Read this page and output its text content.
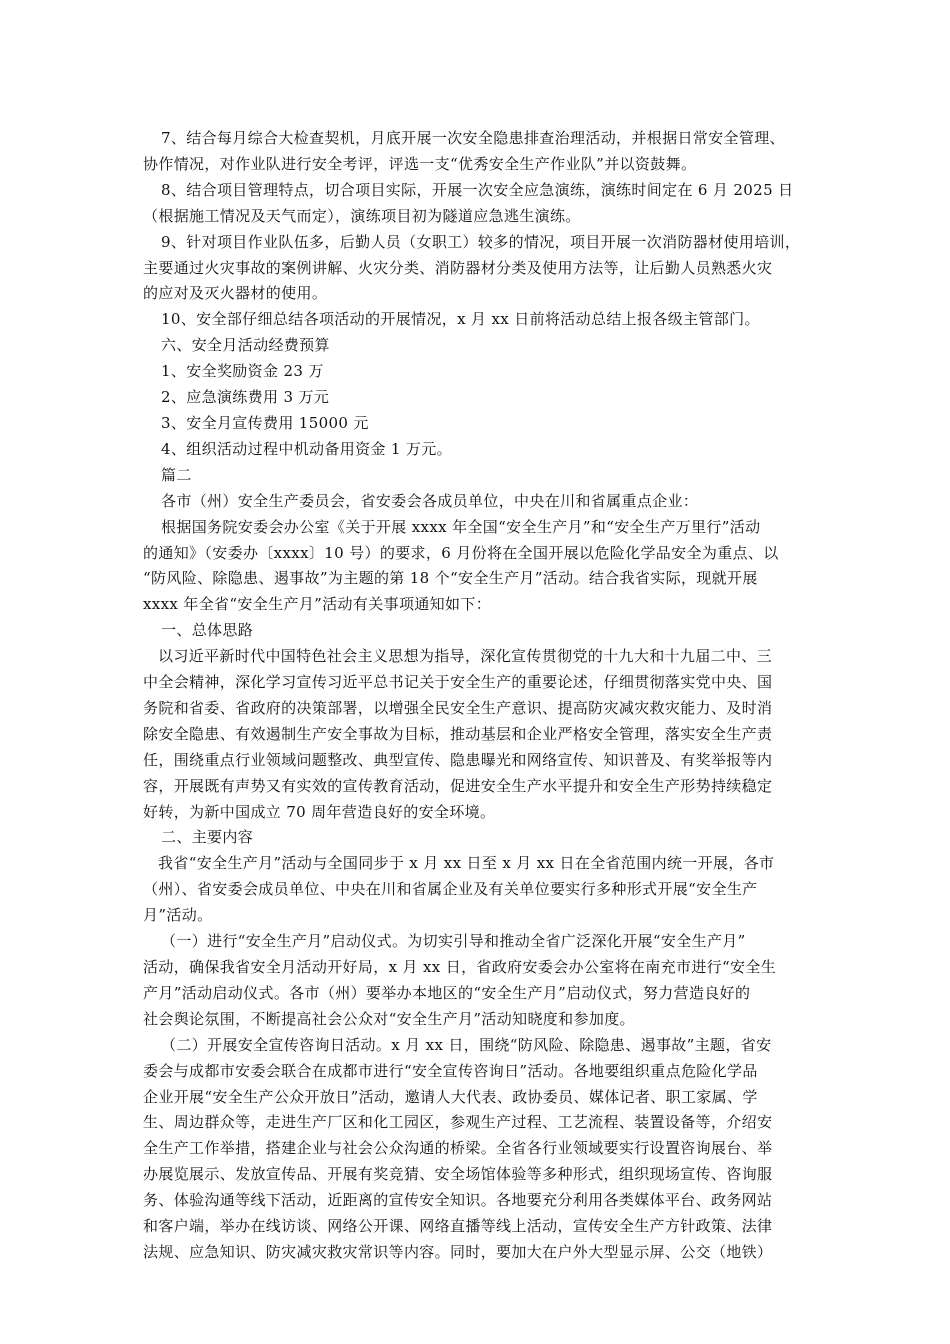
7、结合每月综合大检查契机，月底开展一次安全隐患排查治理活动，并根据日常安全管理、
协作情况，对作业队进行安全考评，评选一支“优秀安全生产作业队”并以资鼓舞。
8、结合项目管理特点，切合项目实际，开展一次安全应急演练，演练时间定在 6 月 2025 日
（根据施工情况及天气而定），演练项目初为隧道应急逃生演练。
9、针对项目作业队伍多，后勤人员（女职工）较多的情况，项目开展一次消防器材使用培训，
主要通过火灾事故的案例讲解、火灾分类、消防器材分类及使用方法等，让后勤人员熟悉火灾
的应对及灭火器材的使用。
10、安全部仔细总结各项活动的开展情况，x 月 xx 日前将活动总结上报各级主管部门。
六、安全月活动经费预算
1、安全奖励资金 23 万
2、应急演练费用 3 万元
3、安全月宣传费用 15000 元
4、组织活动过程中机动备用资金 1 万元。
篇二
各市（州）安全生产委员会，省安委会各成员单位，中央在川和省属重点企业：
根据国务院安委会办公室《关于开展 xxxx 年全国“安全生产月”和“安全生产万里行”活动
的通知》（安委办〔xxxx〕10 号）的要求，6 月份将在全国开展以危险化学品安全为重点、以
“防风险、除隐患、遏事故”为主题的第 18 个“安全生产月”活动。结合我省实际，现就开展
xxxx 年全省“安全生产月”活动有关事项通知如下：
一、总体思路
以习近平新时代中国特色社会主义思想为指导，深化宣传贯彻党的十九大和十九届二中、三
中全会精神，深化学习宣传习近平总书记关于安全生产的重要论述，仔细贯彻落实党中央、国
务院和省委、省政府的决策部署，以增强全民安全生产意识、提高防灾减灾救灾能力、及时消
除安全隐患、有效遏制生产安全事故为目标，推动基层和企业严格安全管理，落实安全生产责
任，围绕重点行业领域问题整改、典型宣传、隐患曝光和网络宣传、知识普及、有奖举报等内
容，开展既有声势又有实效的宣传教育活动，促进安全生产水平提升和安全生产形势持续稳定
好转，为新中国成立 70 周年营造良好的安全环境。
二、主要内容
我省“安全生产月”活动与全国同步于 x 月 xx 日至 x 月 xx 日在全省范围内统一开展，各市
（州）、省安委会成员单位、中央在川和省属企业及有关单位要实行多种形式开展“安全生产
月”活动。
（一）进行“安全生产月”启动仪式。为切实引导和推动全省广泛深化开展“安全生产月”
活动，确保我省安全月活动开好局，x 月 xx 日，省政府安委会办公室将在南充市进行“安全生
产月”活动启动仪式。各市（州）要举办本地区的“安全生产月”启动仪式，努力营造良好的
社会舆论氛围，不断提高社会公众对“安全生产月”活动知晓度和参加度。
（二）开展安全宣传咨询日活动。x 月 xx 日，围绕“防风险、除隐患、遏事故”主题，省安
委会与成都市安委会联合在成都市进行“安全宣传咨询日”活动。各地要组织重点危险化学品
企业开展“安全生产公众开放日”活动，邀请人大代表、政协委员、媒体记者、职工家属、学
生、周边群众等，走进生产厂区和化工园区，参观生产过程、工艺流程、装置设备等，介绍安
全生产工作举措，搭建企业与社会公众沟通的桥梁。全省各行业领域要实行设置咨询展台、举
办展览展示、发放宣传品、开展有奖竞猜、安全场馆体验等多种形式，组织现场宣传、咨询服
务、体验沟通等线下活动，近距离的宣传安全知识。各地要充分利用各类媒体平台、政务网站
和客户端，举办在线访谈、网络公开课、网络直播等线上活动，宣传安全生产方针政策、法律
法规、应急知识、防灾减灾救灾常识等内容。同时，要加大在户外大型显示屏、公交（地铁）
